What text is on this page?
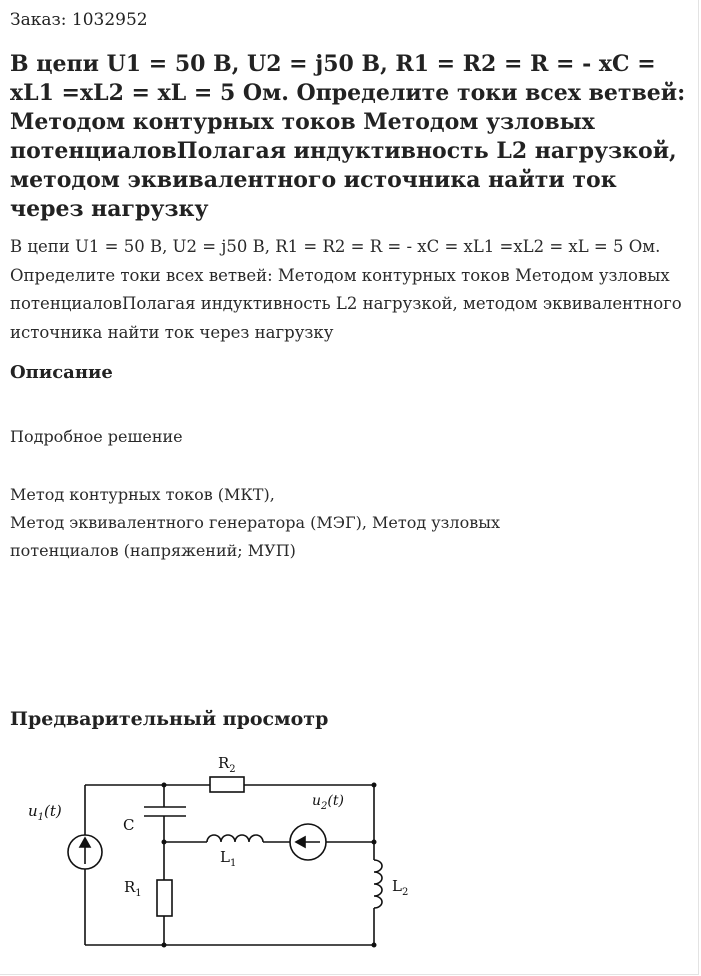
Заказ: 1032952
В цепи U1 = 50 В, U2 = j50 В, R1 = R2 = R = - xC = xL1 =xL2 = xL = 5 Ом. Определите токи всех ветвей: Методом контурных токов Методом узловых потенциаловПолагая индуктивность L2 нагрузкой, методом эквивалентного источника найти ток через нагрузку

В цепи U1 = 50 В, U2 = j50 В, R1 = R2 = R = - xC = xL1 =xL2 = xL = 5 Ом. Определите токи всех ветвей: Методом контурных токов Методом узловых потенциаловПолагая индуктивность L2 нагрузкой, методом эквивалентного источника найти ток через нагрузку

Описание

Подробное решение

Метод контурных токов (МКТ),
Метод эквивалентного генератора (МЭГ), Метод узловых потенциалов (напряжений; МУП)
Предварительный просмотр
$R_2$
$u_1(t)$
$u_2(t)$
C
$L_1$
$R_1$	$L_2$
